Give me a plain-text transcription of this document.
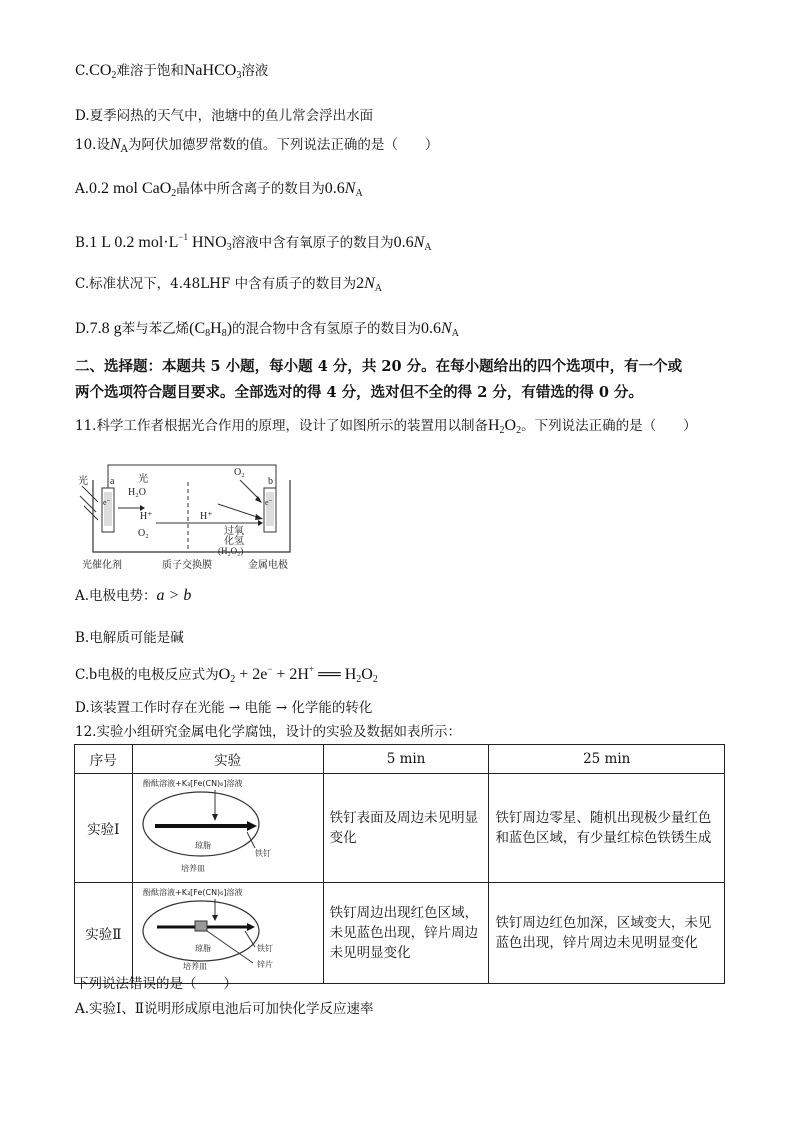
$C.CO_2$难溶于饱和NaHCO$_3$溶液
D.夏季闷热的天气中，池塘中的鱼儿常会浮出水面
10.设$N_A$为阿伏加德罗常数的值。下列说法正确的是（　　）
A.0.2 mol CaO$_2$晶体中所含离子的数目为$0.6N_A$
B.1 L 0.2 $mol\cdot L^{-1}$ $HNO_3$溶液中含有氧原子的数目为$0.6N_A$
C.标准状况下，4.48LHF 中含有质子的数目为$2N_A$
D.7.8 g苯与苯乙烯$(C_8H_8)$的混合物中含有氢原子的数目为$0.6N_A$
二、选择题：本题共 5 小题，每小题 4 分，共 20 分。在每小题给出的四个选项中，有一个或
两个选项符合题目要求。全部选对的得 4 分，选对但不全的得 2 分，有错选的得 0 分。
11.科学工作者根据光合作用的原理，设计了如图所示的装置用以制备$H_2O_2$。下列说法正确的是（　　）
光 a
e⁻
光
H₂O
H⁺
O₂
H⁺
O₂
b
e⁻
过氧
化氢
(H₂O₂)
光催化剂	质子交换膜	金属电极
A.电极电势：a > b
B.电解质可能是碱
C.b电极的电极反应式为$O_2 + 2e^- + 2H^+$ ══ $H_2O_2$
D.该装置工作时存在光能 → 电能 → 化学能的转化
12.实验小组研究金属电化学腐蚀，设计的实验及数据如表所示：
序号	实验	5 min	25 min
实验Ⅰ	酚酞溶液+K₃[Fe(CN)₆]溶液
琼脂
铁钉
培养皿	铁钉表面及周边未见明显变化	铁钉周边零星、随机出现极少量红色和蓝色区域，有少量红棕色铁锈生成
实验Ⅱ	酚酞溶液+K₃[Fe(CN)₆]溶液
琼脂 铁钉
锌片
培养皿	铁钉周边出现红色区域，未见蓝色出现，锌片周边未见明显变化	铁钉周边红色加深，区域变大，未见蓝色出现，锌片周边未见明显变化
下列说法错误的是（　　）
A.实验Ⅰ、Ⅱ说明形成原电池后可加快化学反应速率
